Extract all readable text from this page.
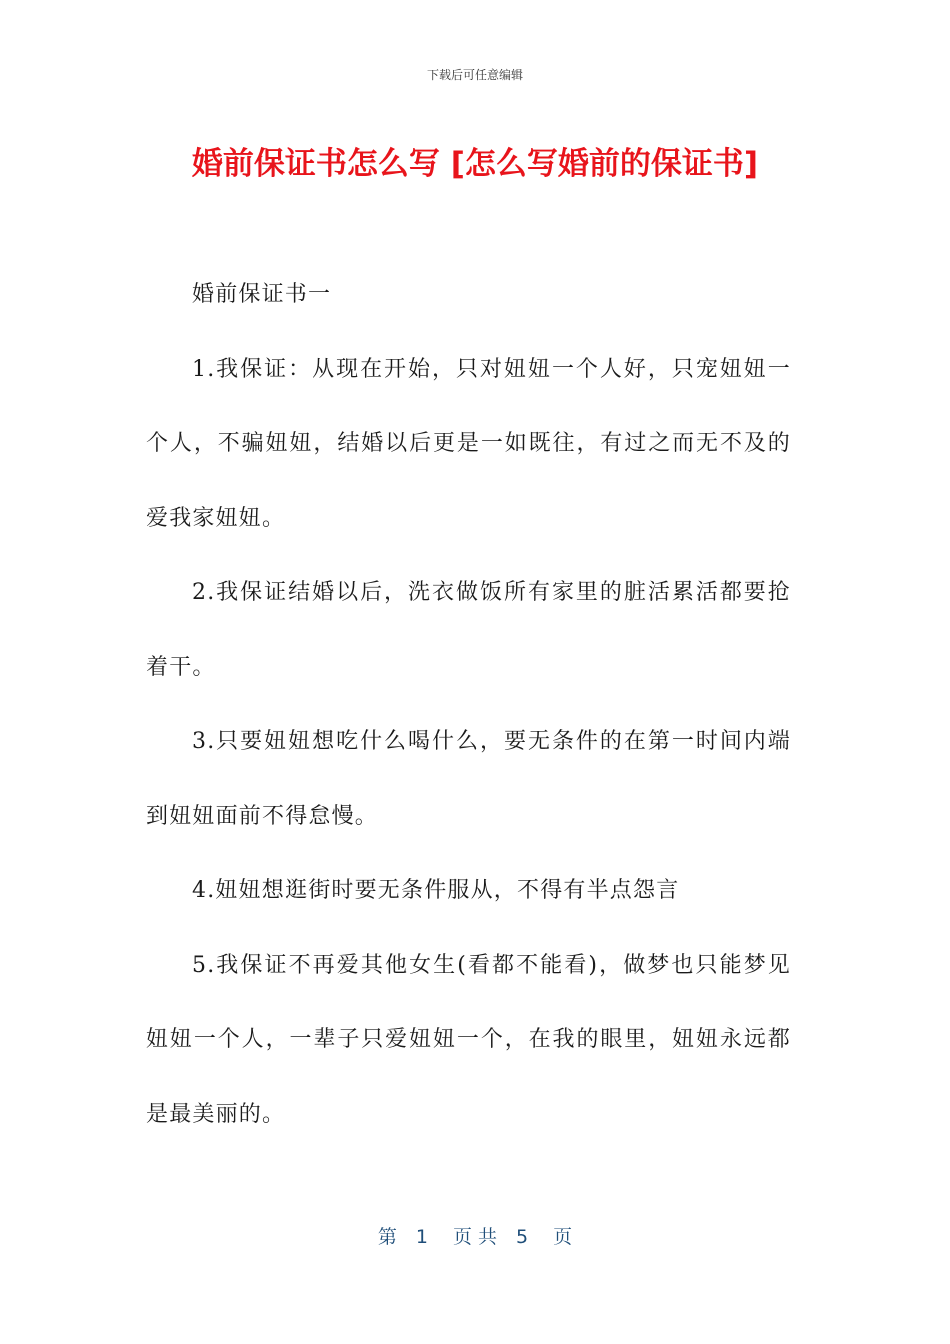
下载后可任意编辑
婚前保证书怎么写 [怎么写婚前的保证书]

婚前保证书一

1.我保证：从现在开始，只对妞妞一个人好，只宠妞妞一个人，不骗妞妞，结婚以后更是一如既往，有过之而无不及的爱我家妞妞。

2.我保证结婚以后，洗衣做饭所有家里的脏活累活都要抢着干。

3.只要妞妞想吃什么喝什么，要无条件的在第一时间内端到妞妞面前不得怠慢。

4.妞妞想逛街时要无条件服从，不得有半点怨言

5.我保证不再爱其他女生(看都不能看)，做梦也只能梦见妞妞一个人，一辈子只爱妞妞一个，在我的眼里，妞妞永远都是最美丽的。

第　1　 页 共　5　 页
